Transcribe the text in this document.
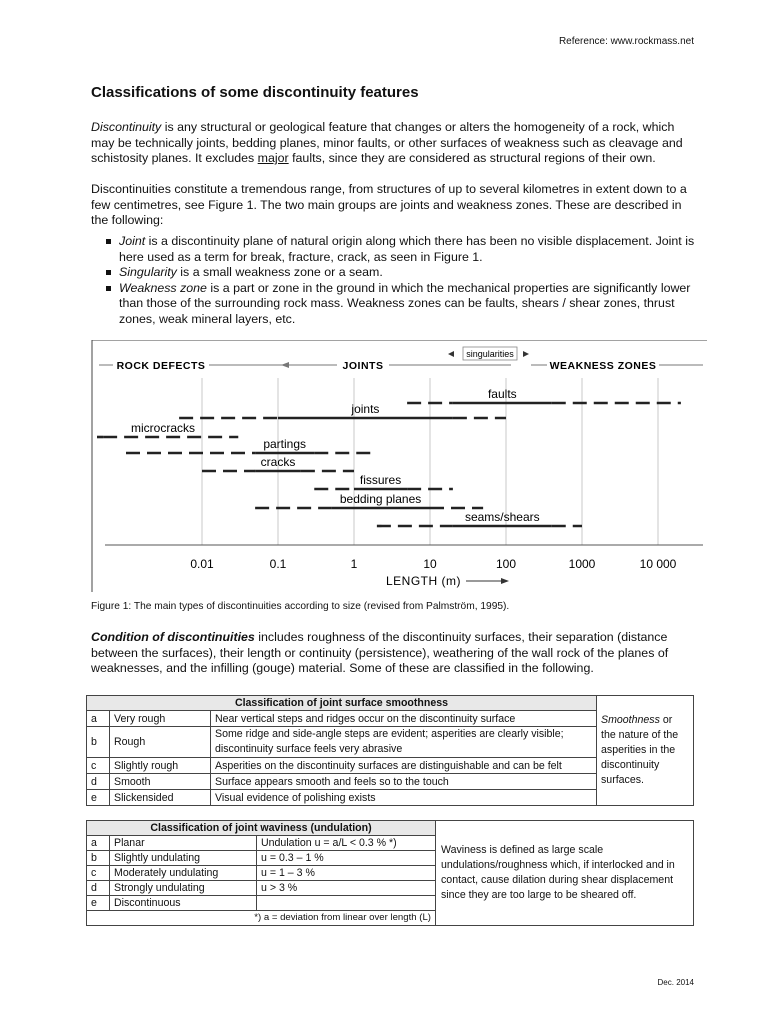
Reference: www.rockmass.net
Classifications of some discontinuity features
Discontinuity is any structural or geological feature that changes or alters the homogeneity of a rock, which may be technically joints, bedding planes, minor faults, or other surfaces of weakness such as cleavage and schistosity planes. It excludes major faults, since they are considered as structural regions of their own.
Discontinuities constitute a tremendous range, from structures of up to several kilometres in extent down to a few centimetres, see Figure 1. The two main groups are joints and weakness zones. These are described in the following:
Joint is a discontinuity plane of natural origin along which there has been no visible displacement. Joint is here used as a term for break, fracture, crack, as seen in Figure 1.
Singularity is a small weakness zone or a seam.
Weakness zone is a part or zone in the ground in which the mechanical properties are significantly lower than those of the surrounding rock mass. Weakness zones can be faults, shears / shear zones, thrust zones, weak mineral layers, etc.
ROCK DEFECTS	JOINTS	WEAKNESS ZONES
singularities
faults
joints
microcracks
partings
cracks
fissures
bedding planes
seams/shears
0.01	0.1	1	10	100	1000	10 000
LENGTH (m)
Figure 1: The main types of discontinuities according to size (revised from Palmström, 1995).
Condition of discontinuities includes roughness of the discontinuity surfaces, their separation (distance between the surfaces), their length or continuity (persistence), weathering of the wall rock of the planes of weaknesses, and the infilling (gouge) material. Some of these are classified in the following.
Classification of joint surface smoothness			Smoothness or the nature of the asperities in the discontinuity surfaces.
a	Very rough	Near vertical steps and ridges occur on the discontinuity surface	
b	Rough	Some ridge and side-angle steps are evident; asperities are clearly visible; discontinuity surface feels very abrasive	
c	Slightly rough	Asperities on the discontinuity surfaces are distinguishable and can be felt	
d	Smooth	Surface appears smooth and feels so to the touch	
e	Slickensided	Visual evidence of polishing exists	
Classification of joint waviness (undulation)			Waviness is defined as large scale undulations/roughness which, if interlocked and in contact, cause dilation during shear displacement since they are too large to be sheared off.
a	Planar	Undulation u = a/L < 0.3 % *)	
b	Slightly undulating	u = 0.3 – 1 %	
c	Moderately undulating	u = 1 – 3 %	
d	Strongly undulating	u > 3 %	
e	Discontinuous		
*) a = deviation from linear over length (L)			
Dec. 2014
